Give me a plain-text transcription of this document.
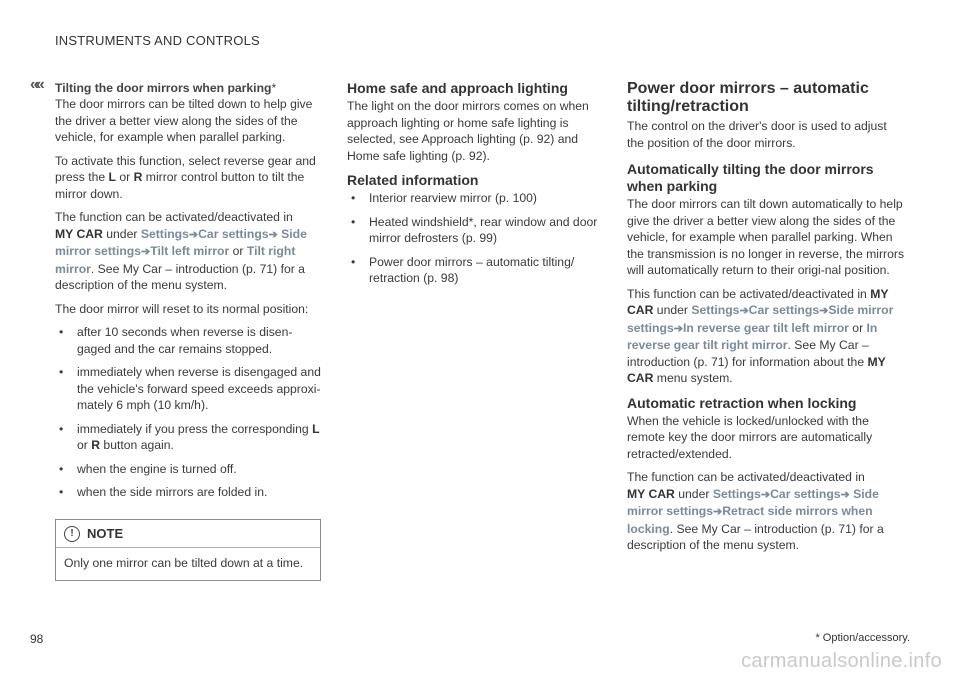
INSTRUMENTS AND CONTROLS
«« Tilting the door mirrors when parking*

The door mirrors can be tilted down to help give the driver a better view along the sides of the vehicle, for example when parallel parking.

To activate this function, select reverse gear and press the L or R mirror control button to tilt the mirror down.

The function can be activated/deactivated in
MY CAR under Settings➔Car settings➔ Side mirror settings➔Tilt left mirror or Tilt right mirror. See My Car – introduction (p. 71) for a description of the menu system.

The door mirror will reset to its normal position:

• after 10 seconds when reverse is disen-gaged and the car remains stopped.
• immediately when reverse is disengaged and the vehicle's forward speed exceeds approxi-mately 6 mph (10 km/h).
• immediately if you press the corresponding L or R button again.
• when the engine is turned off.
• when the side mirrors are folded in.
!	NOTE
Only one mirror can be tilted down at a time.
Home safe and approach lighting

The light on the door mirrors comes on when approach lighting or home safe lighting is selected, see Approach lighting (p. 92) and Home safe lighting (p. 92).

Related information
• Interior rearview mirror (p. 100)
• Heated windshield*, rear window and door mirror defrosters (p. 99)
• Power door mirrors – automatic tilting/ retraction (p. 98)
Power door mirrors – automatic tilting/retraction

The control on the driver's door is used to adjust the position of the door mirrors.

Automatically tilting the door mirrors when parking

The door mirrors can tilt down automatically to help give the driver a better view along the sides of the vehicle, for example when parallel parking. When the transmission is no longer in reverse, the mirrors will automatically return to their origi-nal position.

This function can be activated/deactivated in MY CAR under Settings➔Car settings➔Side mirror settings➔In reverse gear tilt left mirror or In reverse gear tilt right mirror. See My Car – introduction (p. 71) for information about the MY CAR menu system.

Automatic retraction when locking

When the vehicle is locked/unlocked with the remote key the door mirrors are automatically retracted/extended.

The function can be activated/deactivated in
MY CAR under Settings➔Car settings➔ Side mirror settings➔Retract side mirrors when locking. See My Car – introduction (p. 71) for a description of the menu system.

98	* Option/accessory.
carmanualsonline.info
